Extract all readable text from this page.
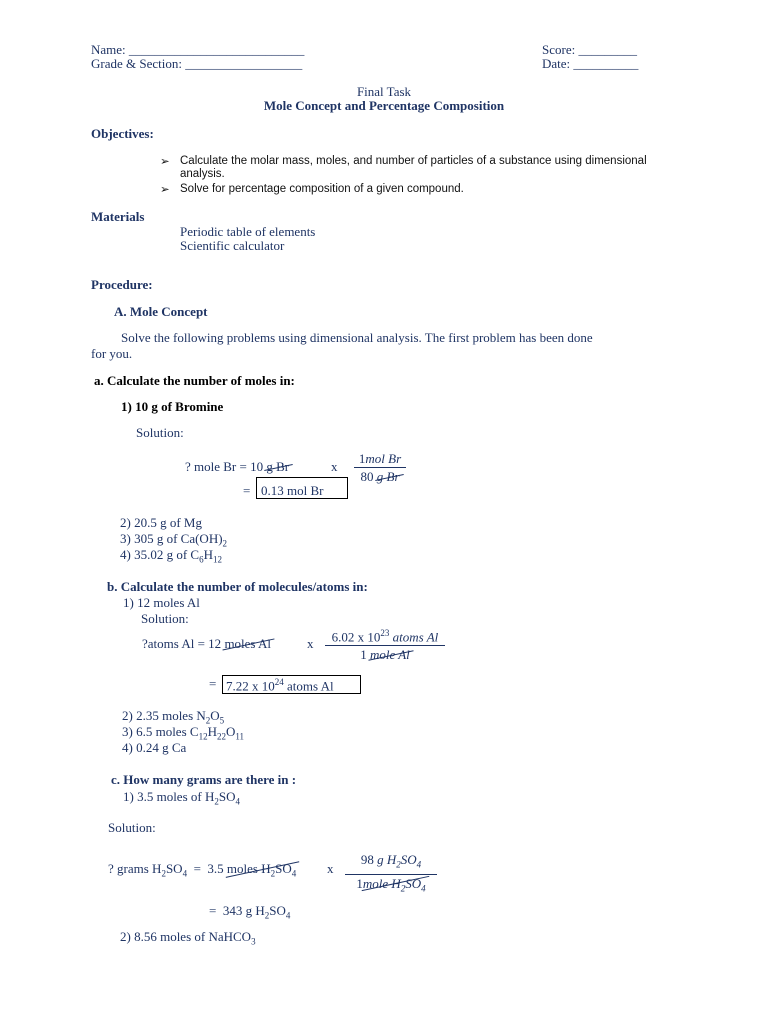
Name: ___________________________
Grade & Section: __________________
Score: _________
Date: __________
Final Task
Mole Concept and Percentage Composition
Objectives:
➢ Calculate the molar mass, moles, and number of particles of a substance using dimensional
analysis.
➢ Solve for percentage composition of a given compound.
Materials
Periodic table of elements
Scientific calculator
Procedure:
A. Mole Concept
Solve the following problems using dimensional analysis. The first problem has been done
for you.
a. Calculate the number of moles in:
1) 10 g of Bromine
Solution:
? mole Br = 10 g Br	x
1mol Br
80 g Br
= 0.13 mol Br
2) 20.5 g of Mg
3) 305 g of $Ca(OH)_2$
4) 35.02 g of $C_6H_{12}$
b. Calculate the number of molecules/atoms in:
1) 12 moles Al
Solution:
?atoms Al = 12 moles Al	x	6.02 x $10^{23}$ atoms Al
1 mole Al
= 7.22 x $10^{24}$ atoms Al
2) 2.35 moles $N_2O_5$
3) 6.5 moles $C_{12}H_{22}O_{11}$
4) 0.24 g Ca
c. How many grams are there in :
1) 3.5 moles of $H_2SO_4$
Solution:
? grams $H_2SO_4 = 3.5$ moles $H_2SO_4$ x
98 g $H_2SO_4$
1mole $H_2SO_4$
=  343 g $H_2SO_4$
2) 8.56 moles of NaHCO$_3$
